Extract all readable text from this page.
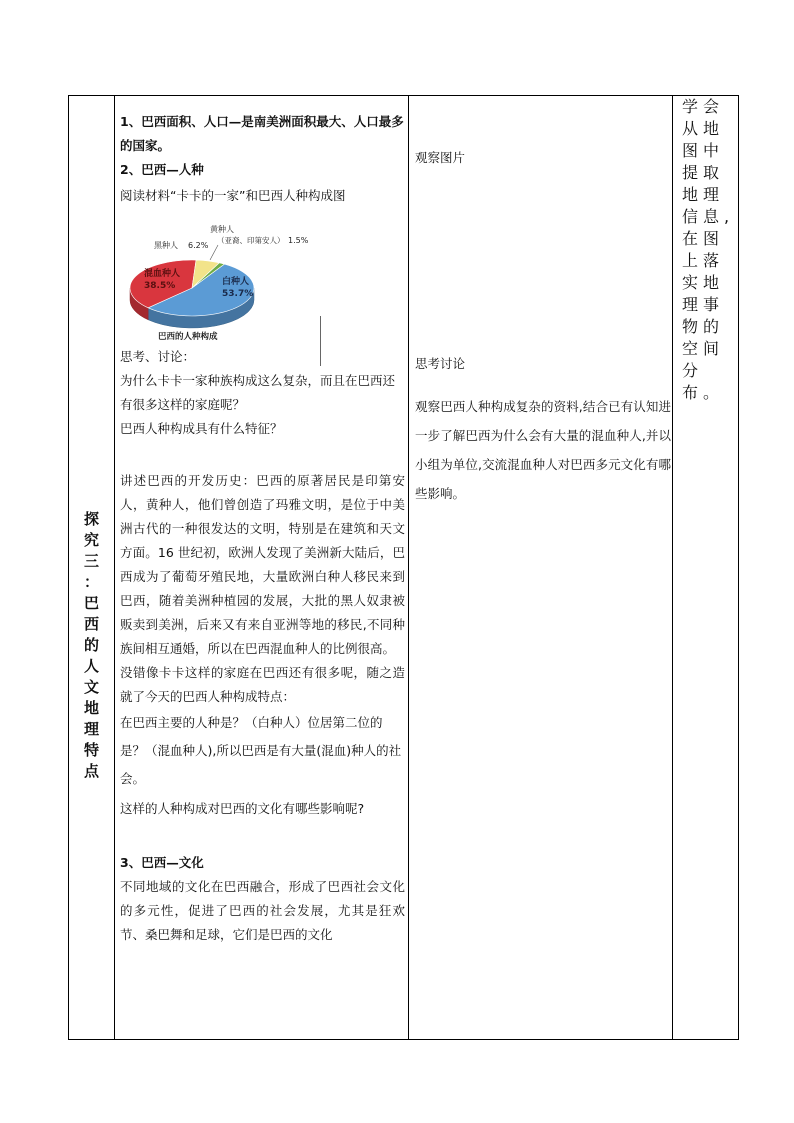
探
究
三
：
巴
西
的
人
文
地
理
特
点

1、巴西面积、人口—是南美洲面积最大、人口最多的国家。

2、巴西—人种

阅读材料“卡卡的一家”和巴西人种构成图

白种人
53.7%
混血种人
38.5%
黑种人 6.2%
黄种人
（亚裔、印第安人） 1.5%
巴西的人种构成

思考、讨论：

为什么卡卡一家种族构成这么复杂，而且在巴西还有很多这样的家庭呢？

巴西人种构成具有什么特征？

讲述巴西的开发历史：巴西的原著居民是印第安人，黄种人，他们曾创造了玛雅文明，是位于中美洲古代的一种很发达的文明，特别是在建筑和天文方面。16 世纪初，欧洲人发现了美洲新大陆后，巴西成为了葡萄牙殖民地，大量欧洲白种人移民来到巴西，随着美洲种植园的发展，大批的黑人奴隶被贩卖到美洲，后来又有来自亚洲等地的移民,不同种族间相互通婚，所以在巴西混血种人的比例很高。

没错像卡卡这样的家庭在巴西还有很多呢，随之造就了今天的巴西人种构成特点：

在巴西主要的人种是？（白种人）位居第二位的是？（混血种人),所以巴西是有大量(混血)种人的社会。

这样的人种构成对巴西的文化有哪些影响呢?

3、巴西—文化

不同地域的文化在巴西融合，形成了巴西社会文化的多元性，促进了巴西的社会发展，尤其是狂欢节、桑巴舞和足球，它们是巴西的文化

观察图片

思考讨论

观察巴西人种构成复杂的资料,结合已有认知进一步了解巴西为什么会有大量的混血种人,并以小组为单位,交流混血种人对巴西多元文化有哪些影响。

学会从地图中提取地理信息,在图上落实地理事物的空间分布。
